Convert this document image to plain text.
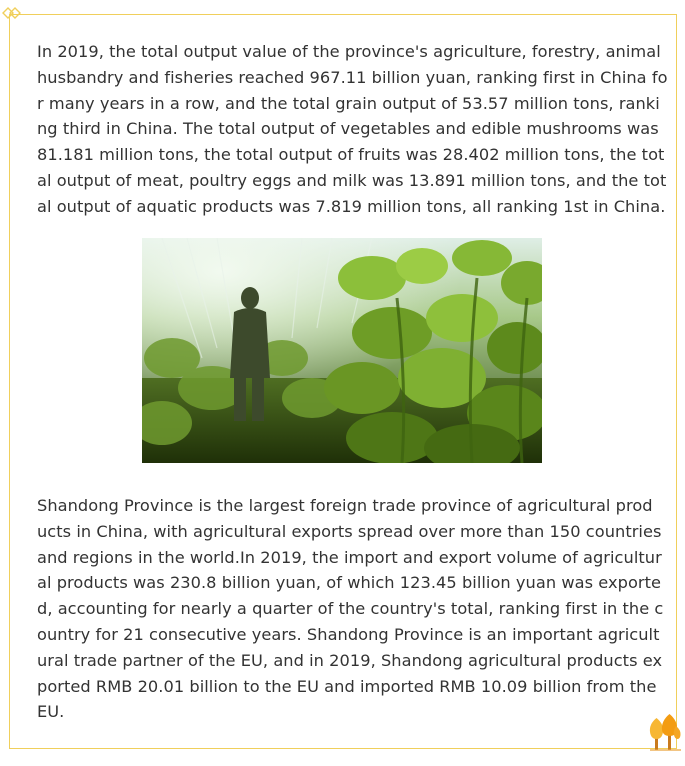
In 2019, the total output value of the province's agriculture, forestry, animal
husbandry and fisheries reached 967.11 billion yuan, ranking first in China fo
r many years in a row, and the total grain output of 53.57 million tons, ranki
ng third in China. The total output of vegetables and edible mushrooms was
81.181 million tons, the total output of fruits was 28.402 million tons, the tot
al output of meat, poultry eggs and milk was 13.891 million tons, and the tot
al output of aquatic products was 7.819 million tons, all ranking 1st in China.
Shandong Province is the largest foreign trade province of agricultural prod
ucts in China, with agricultural exports spread over more than 150 countries
and regions in the world.In 2019, the import and export volume of agricultur
al products was 230.8 billion yuan, of which 123.45 billion yuan was exporte
d, accounting for nearly a quarter of the country's total, ranking first in the c
ountry for 21 consecutive years. Shandong Province is an important agricult
ural trade partner of the EU, and in 2019, Shandong agricultural products ex
ported RMB 20.01 billion to the EU and imported RMB 10.09 billion from the
EU.
